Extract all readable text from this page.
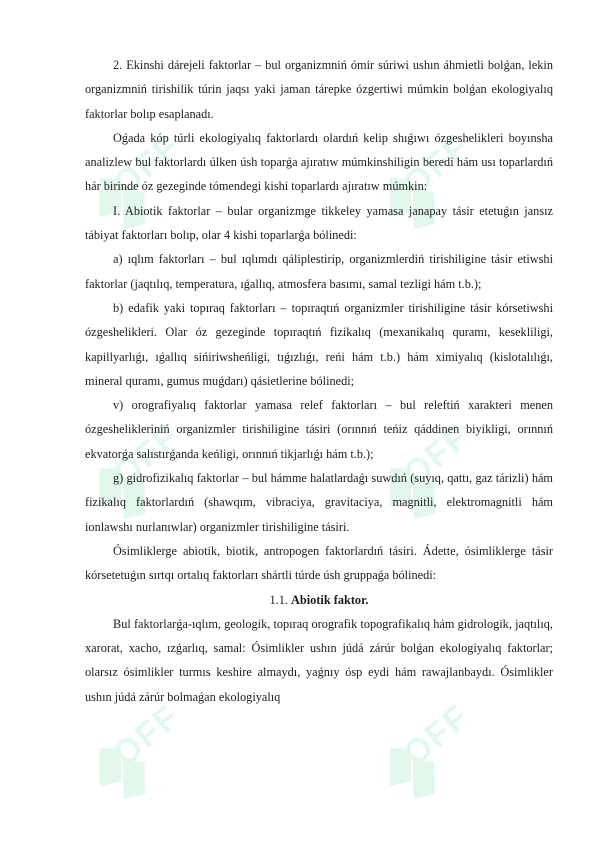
OFF	OFF
OFF	OFF
OFF	OFF

2. Ekinshi dárejeli faktorlar – bul organizmniń ómir súriwi ushın áhmietli bolǵan, lekin organizmniń tirishilik túrin jaqsı yaki jaman tárepke ózgertiwi múmkin bolǵan ekologiyalıq faktorlar bolıp esaplanadı.

Oǵada kóp túrli ekologiyalıq faktorlardı olardıń kelip shıǵıwı ózgeshelikleri boyınsha analizlew bul faktorlardı úlken úsh toparǵa ajıratıw múmkinshiligin beredi hám usı toparlardıń hár birinde óz gezeginde tómendegi kishi toparlardı ajıratıw múmkin:

I. Abiotik faktorlar – bular organizmge tikkeley yamasa janapay tásir etetuǵın jansız tábiyat faktorları bolıp, olar 4 kishi toparlarǵa bólinedi:

a) ıqlım faktorları – bul ıqlımdı qáliplestirip, organizmlerdiń tirishiligine tásir etiwshi faktorlar (jaqtılıq, temperatura, ıǵallıq, atmosfera basımı, samal tezligi hám t.b.);

b) edafik yaki topıraq faktorları – topıraqtıń organizmler tirishiligine tásir kórsetiwshi ózgeshelikleri. Olar óz gezeginde topıraqtıń fizikalıq (mexanikalıq quramı, kesekliligi, kapillyarlıǵı, ıǵallıq sińiriwsheńligi, tıǵızlıǵı, reńi hám t.b.) hám ximiyalıq (kislotalılıǵı, mineral quramı, gumus muǵdarı) qásietlerine bólinedi;

v) orografiyalıq faktorlar yamasa relef faktorları – bul releftiń xarakteri menen ózgeshelikleriniń organizmler tirishiligine tásiri (orınnıń teńiz qáddinen biyikligi, orınnıń ekvatorǵa salıstırǵanda keńligi, orınnıń tikjarlıǵı hám t.b.);

g) gidrofizikalıq faktorlar – bul hámme halatlardaǵı suwdıń (suyıq, qattı, gaz tárizli) hám fizikalıq faktorlardıń (shawqım, vibraciya, gravitaciya, magnitli, elektromagnitli hám ionlawshı nurlanıwlar) organizmler tirishiligine tásiri.

Ósimliklerge abiotik, biotik, antropogen faktorlardıń tásiri. Ádette, ósimliklerge tásir kórsetetuǵın sırtqı ortalıq faktorları shártli túrde úsh gruppaǵa bólinedi:

1.1. Abiotik faktor.

Bul faktorlarǵa-ıqlım, geologik, topıraq orografik topografikalıq hám gidrologik, jaqtılıq, xarorat, xacho, ızǵarlıq, samal: Ósimlikler ushın júdá zárúr bolǵan ekologiyalıq faktorlar; olarsız ósimlikler turmıs keshire almaydı, yaǵnıy ósp eydi hám rawajlanbaydı. Ósimlikler ushın júdá zárúr bolmaǵan ekologiyalıq
